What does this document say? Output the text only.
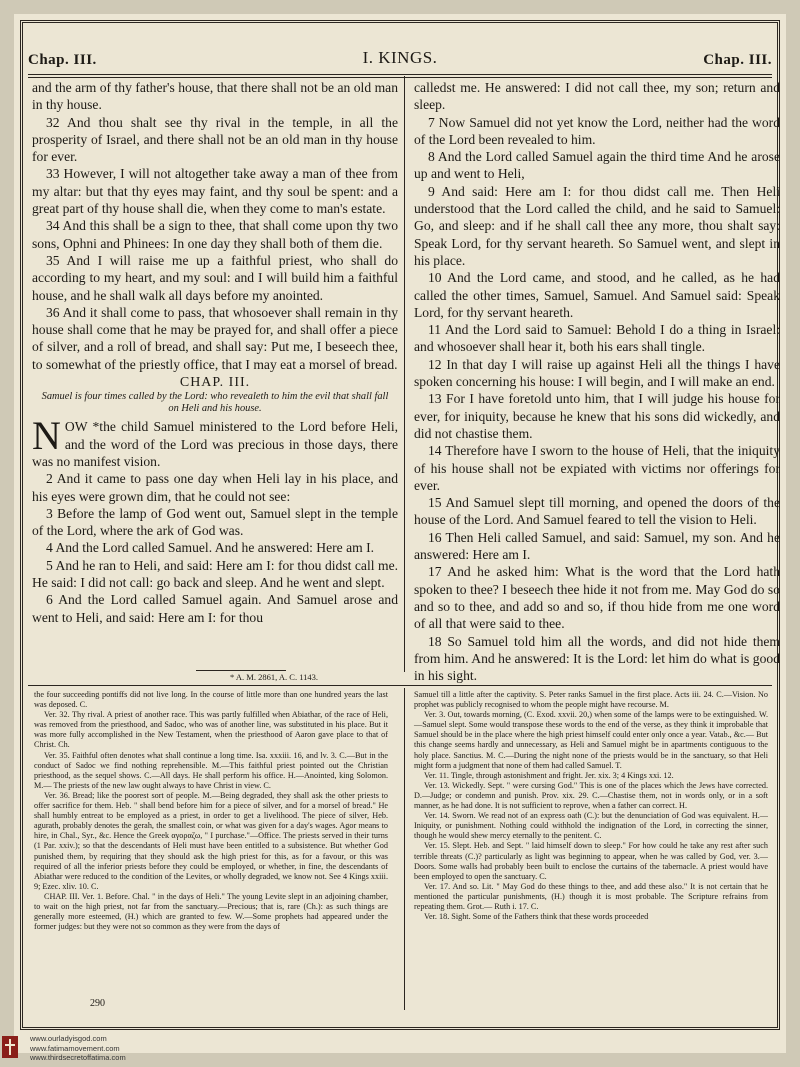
Chap. III.	I. KINGS.	Chap. III.

and the arm of thy father's house, that there shall not be an old man in thy house.

32 And thou shalt see thy rival in the temple, in all the prosperity of Israel, and there shall not be an old man in thy house for ever.

33 However, I will not altogether take away a man of thee from my altar: but that thy eyes may faint, and thy soul be spent: and a great part of thy house shall die, when they come to man's estate.

34 And this shall be a sign to thee, that shall come upon thy two sons, Ophni and Phinees: In one day they shall both of them die.

35 And I will raise me up a faithful priest, who shall do according to my heart, and my soul: and I will build him a faithful house, and he shall walk all days before my anointed.

36 And it shall come to pass, that whosoever shall remain in thy house shall come that he may be prayed for, and shall offer a piece of silver, and a roll of bread, and shall say: Put me, I beseech thee, to somewhat of the priestly office, that I may eat a morsel of bread.

CHAP. III.
Samuel is four times called by the Lord: who revealeth to him the evil that shall fall on Heli and his house.

NOW *the child Samuel ministered to the Lord before Heli, and the word of the Lord was precious in those days, there was no manifest vision.

2 And it came to pass one day when Heli lay in his place, and his eyes were grown dim, that he could not see:

3 Before the lamp of God went out, Samuel slept in the temple of the Lord, where the ark of God was.

4 And the Lord called Samuel. And he answered: Here am I.

5 And he ran to Heli, and said: Here am I: for thou didst call me. He said: I did not call: go back and sleep. And he went and slept.

6 And the Lord called Samuel again. And Samuel arose and went to Heli, and said: Here am I: for thou

calledst me. He answered: I did not call thee, my son; return and sleep.

7 Now Samuel did not yet know the Lord, neither had the word of the Lord been revealed to him.

8 And the Lord called Samuel again the third time And he arose up and went to Heli,

9 And said: Here am I: for thou didst call me. Then Heli understood that the Lord called the child, and he said to Samuel: Go, and sleep: and if he shall call thee any more, thou shalt say: Speak Lord, for thy servant heareth. So Samuel went, and slept in his place.

10 And the Lord came, and stood, and he called, as he had called the other times, Samuel, Samuel. And Samuel said: Speak Lord, for thy servant heareth.

11 And the Lord said to Samuel: Behold I do a thing in Israel: and whosoever shall hear it, both his ears shall tingle.

12 In that day I will raise up against Heli all the things I have spoken concerning his house: I will begin, and I will make an end.

13 For I have foretold unto him, that I will judge his house for ever, for iniquity, because he knew that his sons did wickedly, and did not chastise them.

14 Therefore have I sworn to the house of Heli, that the iniquity of his house shall not be expiated with victims nor offerings for ever.

15 And Samuel slept till morning, and opened the doors of the house of the Lord. And Samuel feared to tell the vision to Heli.

16 Then Heli called Samuel, and said: Samuel, my son. And he answered: Here am I.

17 And he asked him: What is the word that the Lord hath spoken to thee? I beseech thee hide it not from me. May God do so and so to thee, and add so and so, if thou hide from me one word of all that were said to thee.

18 So Samuel told him all the words, and did not hide them from him. And he answered: It is the Lord: let him do what is good in his sight.

* A. M. 2861, A. C. 1143.

the four succeeding pontiffs did not live long. In the course of little more than one hundred years the last was deposed. C.

Ver. 32. Thy rival. A priest of another race. This was partly fulfilled when Abiathar, of the race of Heli, was removed from the priesthood, and Sadoc, who was of another line, was substituted in his place. But it was more fully accomplished in the New Testament, when the priesthood of Aaron gave place to that of Christ. Ch.

Ver. 35. Faithful often denotes what shall continue a long time. Isa. xxxiii. 16, and lv. 3. C.—But in the conduct of Sadoc we find nothing reprehensible. M.—This faithful priest pointed out the Christian priesthood, as the sequel shows. C.—All days. He shall perform his office. H.—Anointed, king Solomon. M.— The priests of the new law ought always to have Christ in view. C.

Ver. 36. Bread; like the poorest sort of people. M.—Being degraded, they shall ask the other priests to offer sacrifice for them. Heb. " shall bend before him for a piece of silver, and for a morsel of bread." He shall humbly entreat to be employed as a priest, in order to get a livelihood. The piece of silver, Heb. agurath, probably denotes the gerah, the smallest coin, or what was given for a day's wages. Agor means to hire, in Chal., Syr., &c. Hence the Greek αγοραζω, " I purchase."—Office. The priests served in their turns (1 Par. xxiv.); so that the descendants of Heli must have been entitled to a subsistence. But whether God punished them, by requiring that they should ask the high priest for this, as for a favour, or this was required of all the inferior priests before they could be employed, or whether, in fine, the descendants of Abiathar were reduced to the condition of the Levites, or wholly degraded, we know not. See 4 Kings xxiii. 9; Ezec. xliv. 10. C.

CHAP. III. Ver. 1. Before. Chal. " in the days of Heli." The young Levite slept in an adjoining chamber, to wait on the high priest, not far from the sanctuary.—Precious; that is, rare (Ch.): as such things are generally more esteemed, (H.) which are granted to few. W.—Some prophets had appeared under the former judges: but they were not so common as they were from the days of

Samuel till a little after the captivity. S. Peter ranks Samuel in the first place. Acts iii. 24. C.—Vision. No prophet was publicly recognised to whom the people might have recourse. M.

Ver. 3. Out, towards morning, (C. Exod. xxvii. 20,) when some of the lamps were to be extinguished. W.—Samuel slept. Some would transpose these words to the end of the verse, as they think it improbable that Samuel should be in the place where the high priest himself could enter only once a year. Vatab., &c.— But this change seems hardly and unnecessary, as Heli and Samuel might be in apartments contiguous to the holy place. Sanctius. M. C.—During the night none of the priests would be in the sanctuary, so that Heli might form a judgment that none of them had called Samuel. T.

Ver. 11. Tingle, through astonishment and fright. Jer. xix. 3; 4 Kings xxi. 12.

Ver. 13. Wickedly. Sept. " were cursing God." This is one of the places which the Jews have corrected. D.—Judge; or condemn and punish. Prov. xix. 29. C.—Chastise them, not in words only, or in a soft manner, as he had done. It is not sufficient to reprove, when a father can correct. H.

Ver. 14. Sworn. We read not of an express oath (C.): but the denunciation of God was equivalent. H.—Iniquity, or punishment. Nothing could withhold the indignation of the Lord, in correcting the sinner, though he would shew mercy eternally to the penitent. C.

Ver. 15. Slept. Heb. and Sept. " laid himself down to sleep." For how could he take any rest after such terrible threats (C.)? particularly as light was beginning to appear, when he was called by God, ver. 3.—Doors. Some walls had probably been built to enclose the curtains of the tabernacle. A priest would have been employed to open the sanctuary. C.

Ver. 17. And so. Lit. " May God do these things to thee, and add these also." It is not certain that he mentioned the particular punishments, (H.) though it is most probable. The Scripture refrains from repeating them. Grot.— Ruth i. 17. C.

Ver. 18. Sight. Some of the Fathers think that these words proceeded

290
www.ourladyisgod.com
www.fatimamovement.com
www.thirdsecretoffatima.com
